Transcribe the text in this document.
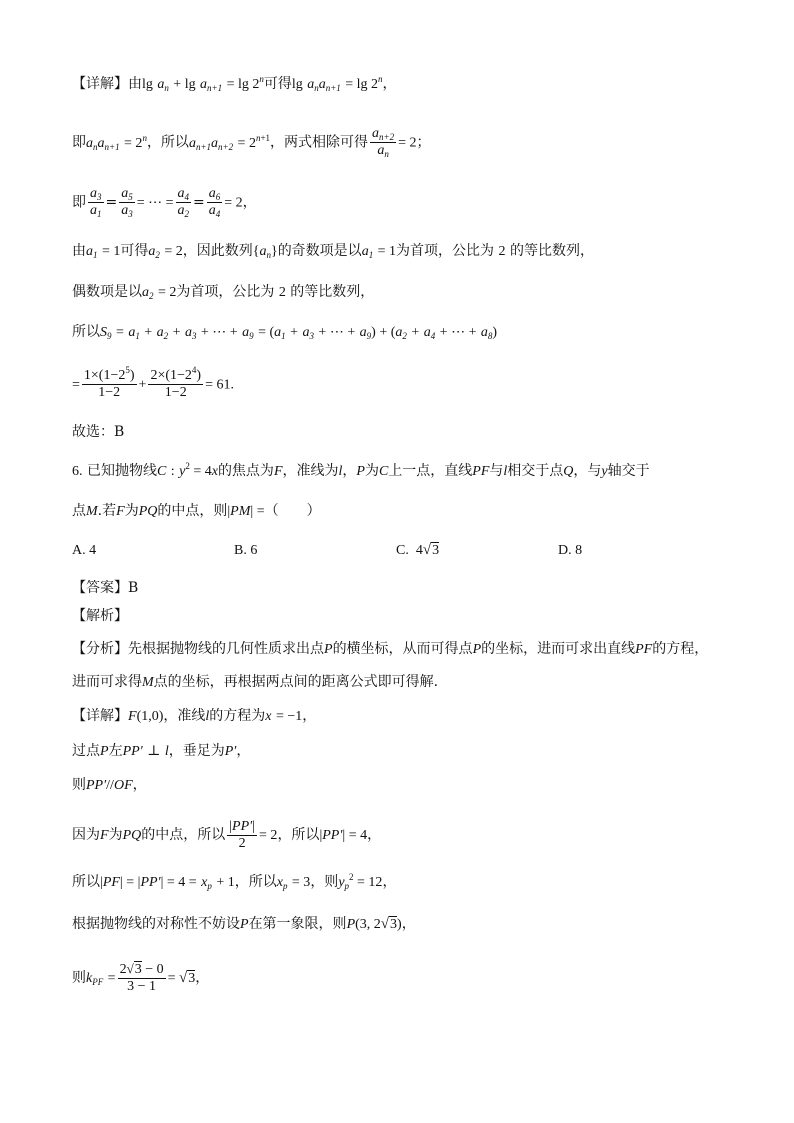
【详解】由$\lg a_n + \lg a_{n+1} = \lg 2^n$可得$\lg a_na_{n+1} = \lg 2^n$，
即$a_na_{n+1} = 2^n$，所以$a_{n+1}a_{n+2} = 2^{n+1}$，两式相除可得 $\frac{a_{n+2}}{a_n} = 2$；
即 $\frac{a_3}{a_1} = \frac{a_5}{a_3}$ = ⋯ = $\frac{a_4}{a_2} = \frac{a_6}{a_4} = 2$，
由$a_1 = 1$可得$a_2 = 2$，因此数列$\{a_n\}$的奇数项是以$a_1 = 1$为首项，公比为 2 的等比数列，
偶数项是以$a_2 = 2$为首项，公比为 2 的等比数列，
所以$S_9 = a_1 + a_2 + a_3$ + ⋯ + $a_9 = (a_1 + a_3$ + ⋯ + $a_9) + (a_2 + a_4$ + ⋯ + $a_8$)
= $\frac{1\times(1-2^5)}{1-2} + \frac{2\times(1-2^4)}{1-2} = 61$.
故选：B
6. 已知抛物线C : $y^2 = 4x$的焦点为F，准线为l，P为C上一点，直线PF与l相交于点Q，与y轴交于
点M.若F为PQ的中点，则|PM| =（　　）
A. 4	B. 6	C.  4√3	D. 8
【答案】B
【解析】
【分析】先根据抛物线的几何性质求出点P的横坐标，从而可得点P的坐标，进而可求出直线PF的方程，
进而可求得M点的坐标，再根据两点间的距离公式即可得解.
【详解】F(1,0)，准线l的方程为x = −1，
过点P左PP′ ⊥ l，垂足为P′，
则PP′//OF，
因为F为PQ的中点，所以 $\frac{|PP'|}{2} = 2$，所以|PP′| = 4，
所以$|PF| = |PP'| = 4 = x_p + 1$，所以$x_p = 3$，则$y_p^2 = 12$，
根据抛物线的对称性不妨设P在第一象限，则P(3, 2√3)，
则$k_{PF} = \frac{2√3 - 0}{3 - 1} = √3$，
